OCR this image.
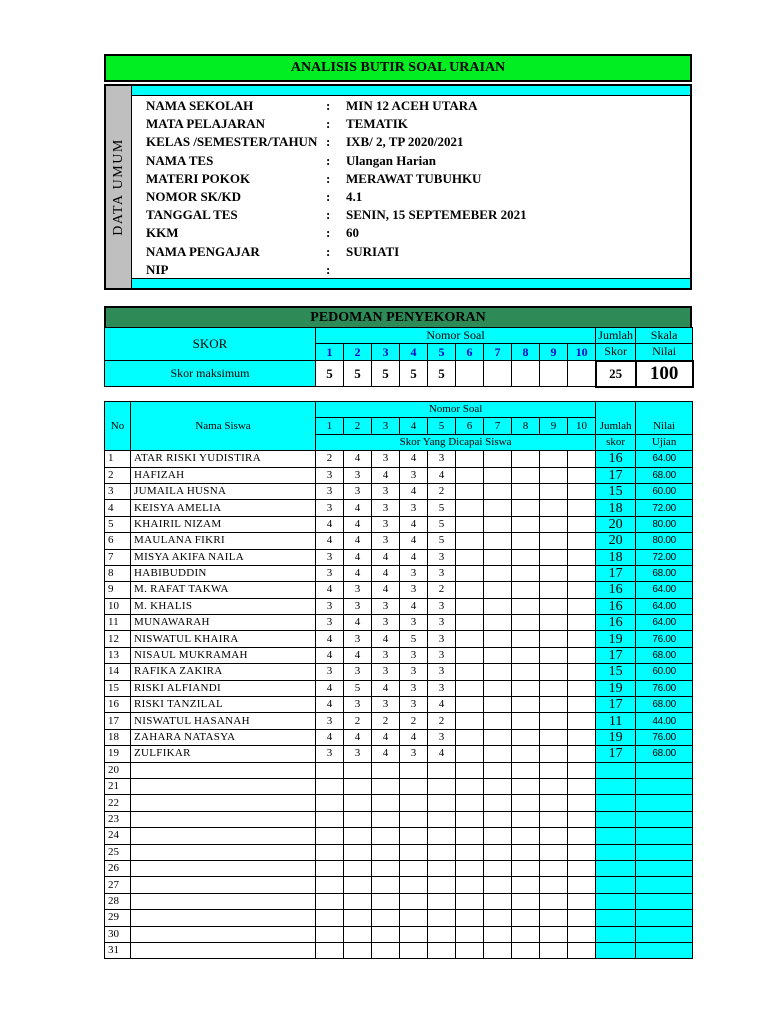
ANALISIS BUTIR SOAL URAIAN
DATA UMUM
NAMA SEKOLAH	: MIN 12 ACEH UTARA
MATA PELAJARAN	: TEMATIK
KELAS /SEMESTER/TAHUN : IXB/ 2, TP 2020/2021
NAMA TES	: Ulangan Harian
MATERI POKOK	: MERAWAT TUBUHKU
NOMOR SK/KD	: 4.1
TANGGAL TES	: SENIN, 15 SEPTEMEBER 2021
KKM	: 60
NAMA PENGAJAR	: SURIATI
NIP	:
PEDOMAN PENYEKORAN
SKOR	Nomor Soal										Jumlah	Skala
	1	2	3	4	5	6	7	8	9	10	Skor	Nilai
Skor maksimum	5	5	5	5	5						25	100
No	Nama Siswa	Nomor Soal										Jumlah	Nilai
		1	2	3	4	5	6	7	8	9	10		
		Skor Yang Dicapai Siswa										skor	Ujian
1	ATAR RISKI YUDISTIRA	2	4	3	4	3						16	64.00
2	HAFIZAH	3	3	4	3	4						17	68.00
3	JUMAILA HUSNA	3	3	3	4	2						15	60.00
4	KEISYA AMELIA	3	4	3	3	5						18	72.00
5	KHAIRIL NIZAM	4	4	3	4	5						20	80.00
6	MAULANA FIKRI	4	4	3	4	5						20	80.00
7	MISYA AKIFA NAILA	3	4	4	4	3						18	72.00
8	HABIBUDDIN	3	4	4	3	3						17	68.00
9	M. RAFAT TAKWA	4	3	4	3	2						16	64.00
10	M. KHALIS	3	3	3	4	3						16	64.00
11	MUNAWARAH	3	4	3	3	3						16	64.00
12	NISWATUL KHAIRA	4	3	4	5	3						19	76.00
13	NISAUL MUKRAMAH	4	4	3	3	3						17	68.00
14	RAFIKA ZAKIRA	3	3	3	3	3						15	60.00
15	RISKI ALFIANDI	4	5	4	3	3						19	76.00
16	RISKI TANZILAL	4	3	3	3	4						17	68.00
17	NISWATUL HASANAH	3	2	2	2	2						11	44.00
18	ZAHARA NATASYA	4	4	4	4	3						19	76.00
19	ZULFIKAR	3	3	4	3	4						17	68.00
20													
21													
22													
23													
24													
25													
26													
27													
28													
29													
30													
31													
